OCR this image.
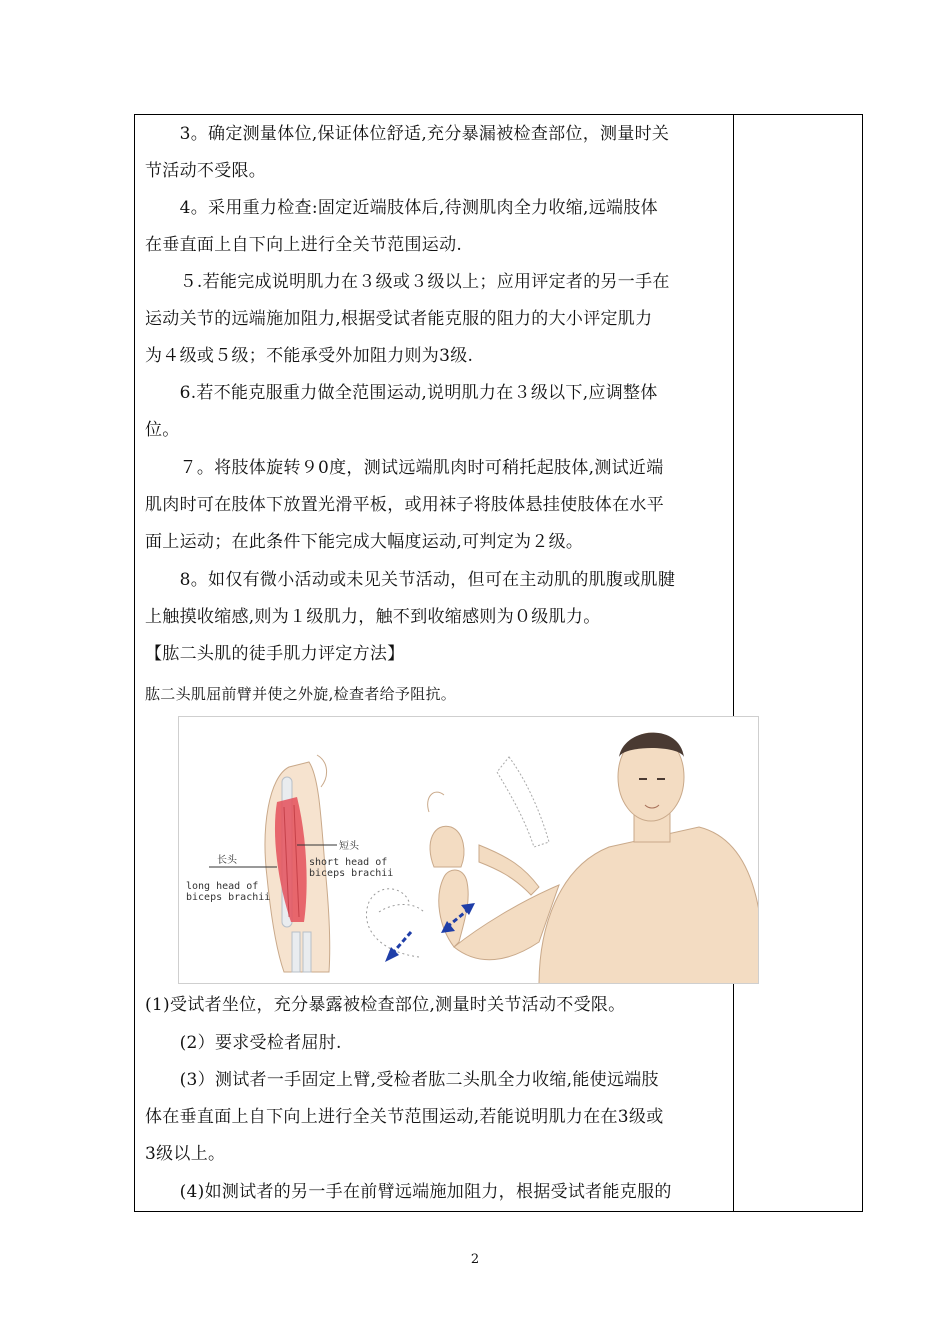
　　3。确定测量体位,保证体位舒适,充分暴漏被检查部位，测量时关
节活动不受限。
　　4。采用重力检查:固定近端肢体后,待测肌肉全力收缩,远端肢体
在垂直面上自下向上进行全关节范围运动.
　　５.若能完成说明肌力在３级或３级以上；应用评定者的另一手在
运动关节的远端施加阻力,根据受试者能克服的阻力的大小评定肌力
为４级或５级；不能承受外加阻力则为3级.
　　6.若不能克服重力做全范围运动,说明肌力在３级以下,应调整体
位。
　　７。将肢体旋转９0度，测试远端肌肉时可稍托起肢体,测试近端
肌肉时可在肢体下放置光滑平板，或用袜子将肢体悬挂使肢体在水平
面上运动；在此条件下能完成大幅度运动,可判定为２级。
　　8。如仅有微小活动或未见关节活动，但可在主动肌的肌腹或肌腱
上触摸收缩感,则为１级肌力，触不到收缩感则为０级肌力。
【肱二头肌的徒手肌力评定方法】
肱二头肌屈前臂并使之外旋,检查者给予阻抗。
(1)受试者坐位，充分暴露被检查部位,测量时关节活动不受限。
　　(2）要求受检者屈肘.
　　(3）测试者一手固定上臂,受检者肱二头肌全力收缩,能使远端肢
体在垂直面上自下向上进行全关节范围运动,若能说明肌力在在3级或
3级以上。
　　(4)如测试者的另一手在前臂远端施加阻力，根据受试者能克服的
长头
long head of
biceps brachii
短头
short head of
biceps brachii
2
